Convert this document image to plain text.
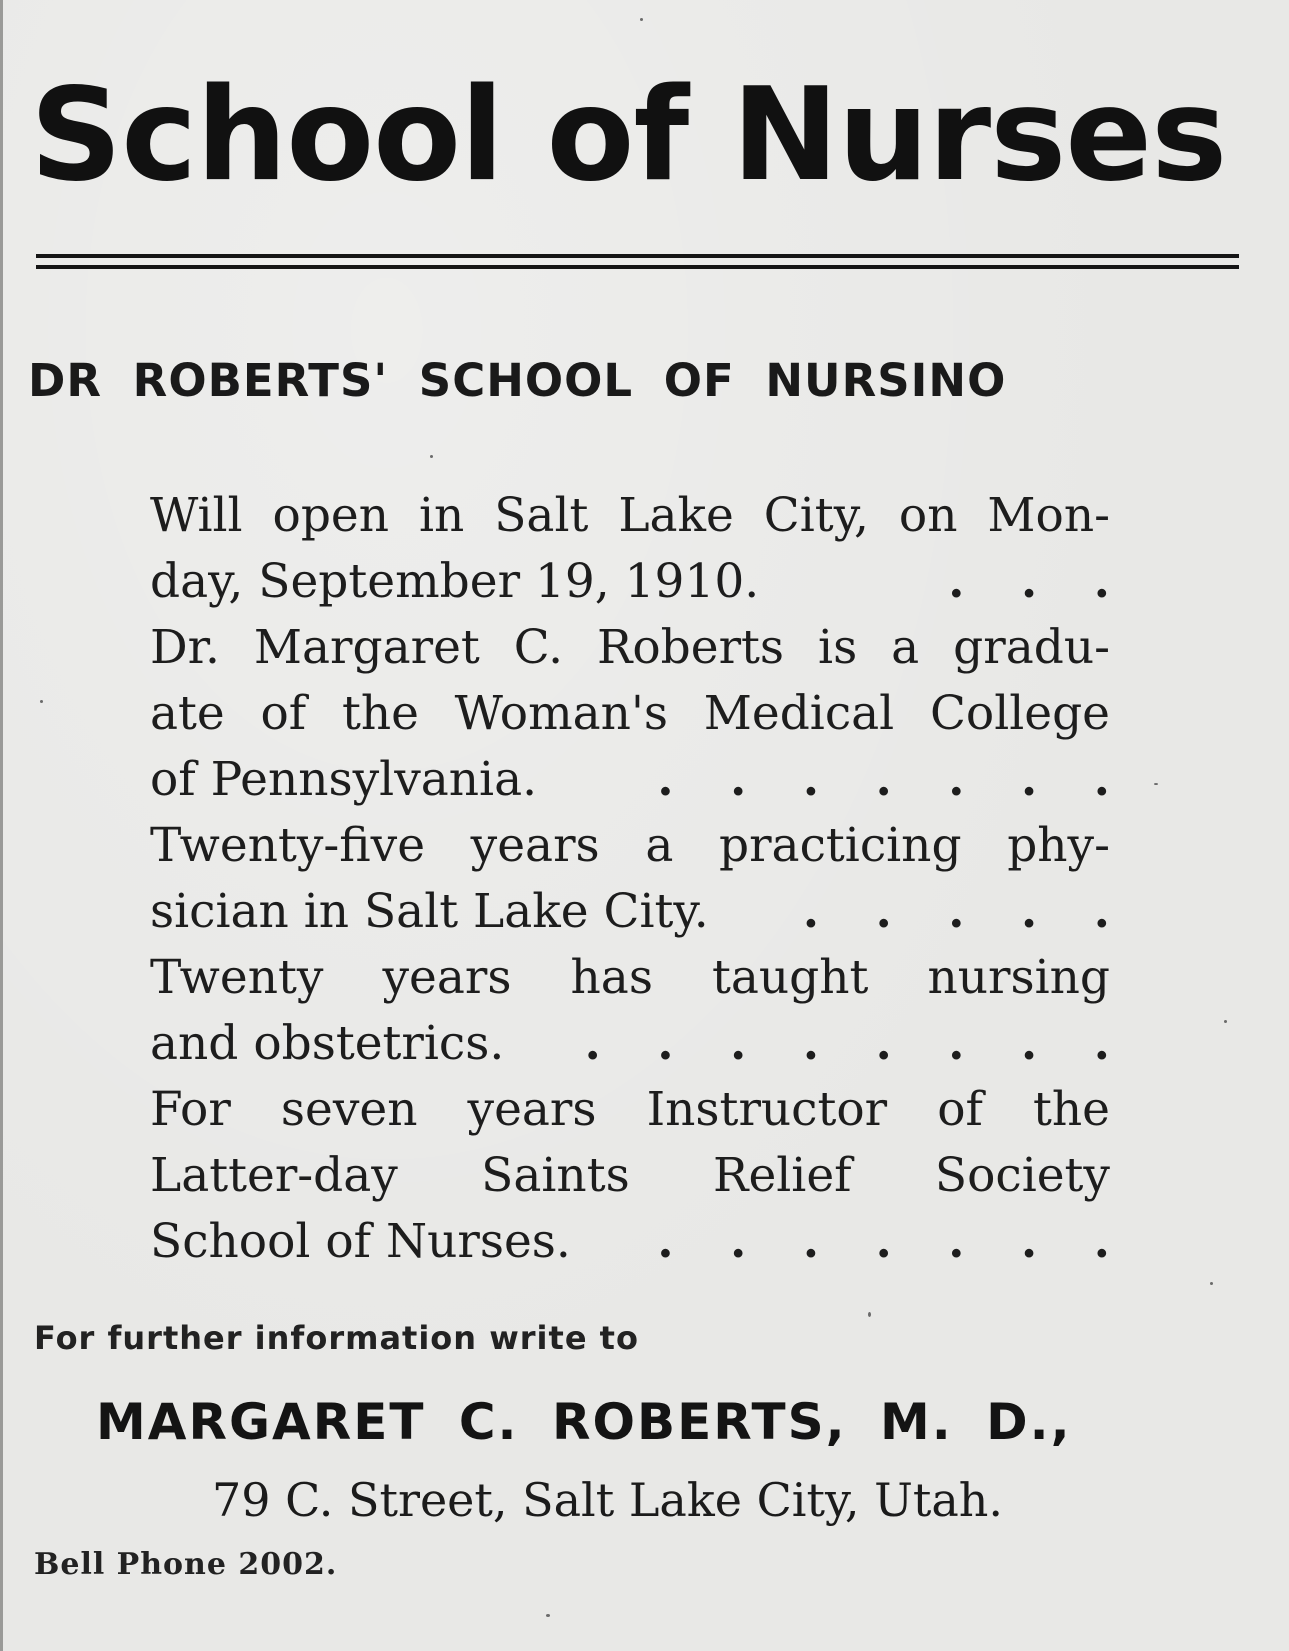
School of Nurses
DR ROBERTS' SCHOOL OF NURSINO
Will open in Salt Lake City, on Mon-
day, September 19, 1910.	. . .
Dr. Margaret C. Roberts is a gradu-
ate of the Woman's Medical College
of Pennsylvania.	. . . . . . .
Twenty-five years a practicing phy-
sician in Salt Lake City. . . . . .
Twenty years has taught nursing
and obstetrics. . . . . . . . .
For seven years Instructor of the
Latter-day Saints Relief Society
School of Nurses. . . . . . . .

For further information write to

MARGARET C. ROBERTS, M. D.,

79 C. Street, Salt Lake City, Utah.

Bell Phone 2002.
